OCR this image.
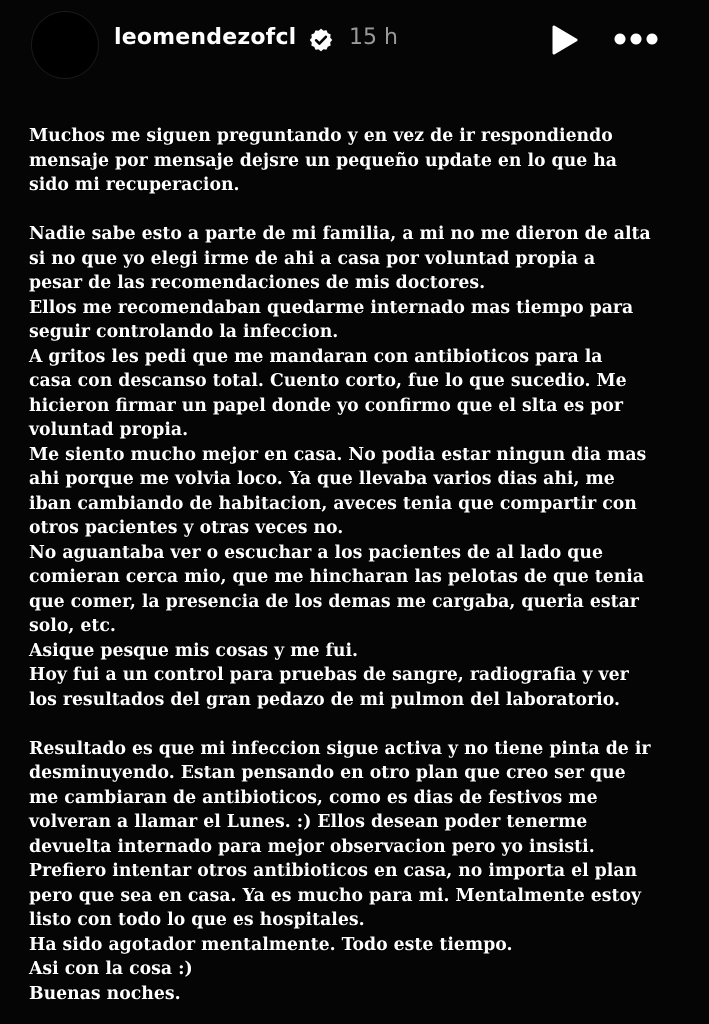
leomendezofcl 15 h
Muchos me siguen preguntando y en vez de ir respondiendo
mensaje por mensaje dejsre un pequeño update en lo que ha
sido mi recuperacion.
Nadie sabe esto a parte de mi familia, a mi no me dieron de alta
si no que yo elegi irme de ahi a casa por voluntad propia a
pesar de las recomendaciones de mis doctores.
Ellos me recomendaban quedarme internado mas tiempo para
seguir controlando la infeccion.
A gritos les pedi que me mandaran con antibioticos para la
casa con descanso total. Cuento corto, fue lo que sucedio. Me
hicieron firmar un papel donde yo confirmo que el slta es por
voluntad propia.
Me siento mucho mejor en casa. No podia estar ningun dia mas
ahi porque me volvia loco. Ya que llevaba varios dias ahi, me
iban cambiando de habitacion, aveces tenia que compartir con
otros pacientes y otras veces no.
No aguantaba ver o escuchar a los pacientes de al lado que
comieran cerca mio, que me hincharan las pelotas de que tenia
que comer, la presencia de los demas me cargaba, queria estar
solo, etc.
Asique pesque mis cosas y me fui.
Hoy fui a un control para pruebas de sangre, radiografia y ver
los resultados del gran pedazo de mi pulmon del laboratorio.
Resultado es que mi infeccion sigue activa y no tiene pinta de ir
desminuyendo. Estan pensando en otro plan que creo ser que
me cambiaran de antibioticos, como es dias de festivos me
volveran a llamar el Lunes. :) Ellos desean poder tenerme
devuelta internado para mejor observacion pero yo insisti.
Prefiero intentar otros antibioticos en casa, no importa el plan
pero que sea en casa. Ya es mucho para mi. Mentalmente estoy
listo con todo lo que es hospitales.
Ha sido agotador mentalmente. Todo este tiempo.
Asi con la cosa :)
Buenas noches.
